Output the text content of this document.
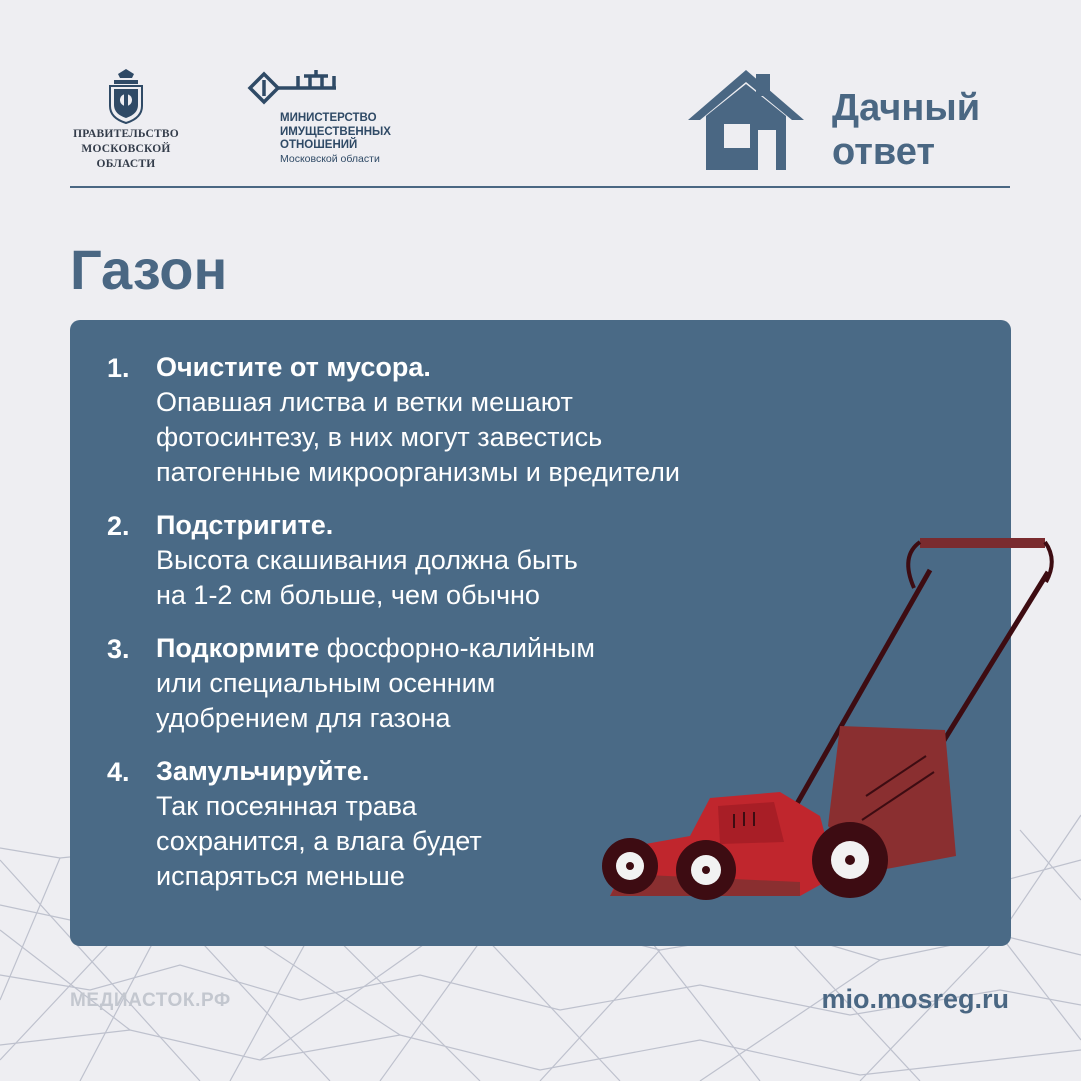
ПРАВИТЕЛЬСТВО
МОСКОВСКОЙ
ОБЛАСТИ
МИНИСТЕРСТВО
ИМУЩЕСТВЕННЫХ
ОТНОШЕНИЙ
Московской области
Дачный
ответ
Газон
1. Очистите от мусора.
Опавшая листва и ветки мешают
фотосинтезу, в них могут завестись
патогенные микроорганизмы и вредители
2. Подстригите.
Высота скашивания должна быть
на 1-2 см больше, чем обычно
3. Подкормите фосфорно-калийным
или специальным осенним
удобрением для газона
4. Замульчируйте.
Так посеянная трава
сохранится, а влага будет
испаряться меньше
МЕДИАСТОК.РФ	mio.mosreg.ru
